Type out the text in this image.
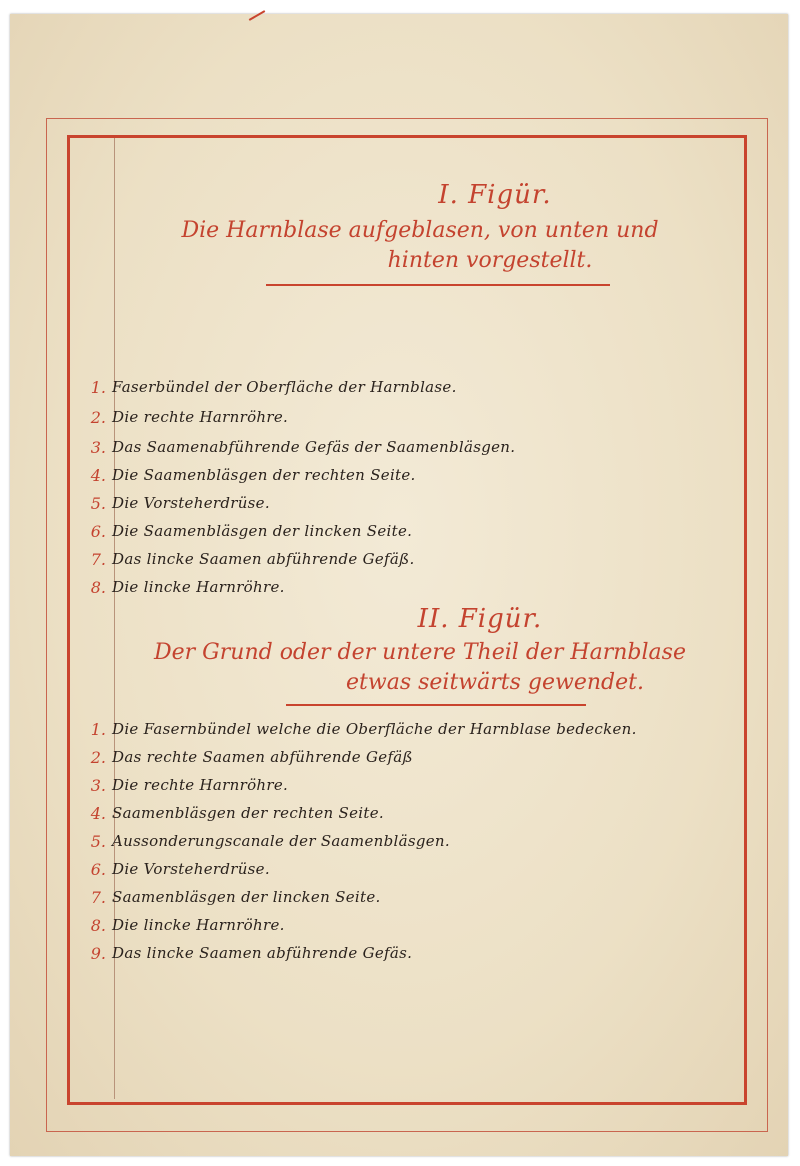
I. Figür.
Die Harnblase aufgeblasen, von unten und
hinten vorgestellt.
1. Faserbündel der Oberfläche der Harnblase.
2. Die rechte Harnröhre.
3. Das Saamenabführende Gefäs der Saamenbläsgen.
4. Die Saamenbläsgen der rechten Seite.
5. Die Vorsteherdrüse.
6. Die Saamenbläsgen der lincken Seite.
7. Das lincke Saamen abführende Gefäß.
8. Die lincke Harnröhre.
II. Figür.
Der Grund oder der untere Theil der Harnblase
etwas seitwärts gewendet.
1. Die Fasernbündel welche die Oberfläche der Harnblase bedecken.
2. Das rechte Saamen abführende Gefäß
3. Die rechte Harnröhre.
4. Saamenbläsgen der rechten Seite.
5. Aussonderungscanale der Saamenbläsgen.
6. Die Vorsteherdrüse.
7. Saamenbläsgen der lincken Seite.
8. Die lincke Harnröhre.
9. Das lincke Saamen abführende Gefäs.
